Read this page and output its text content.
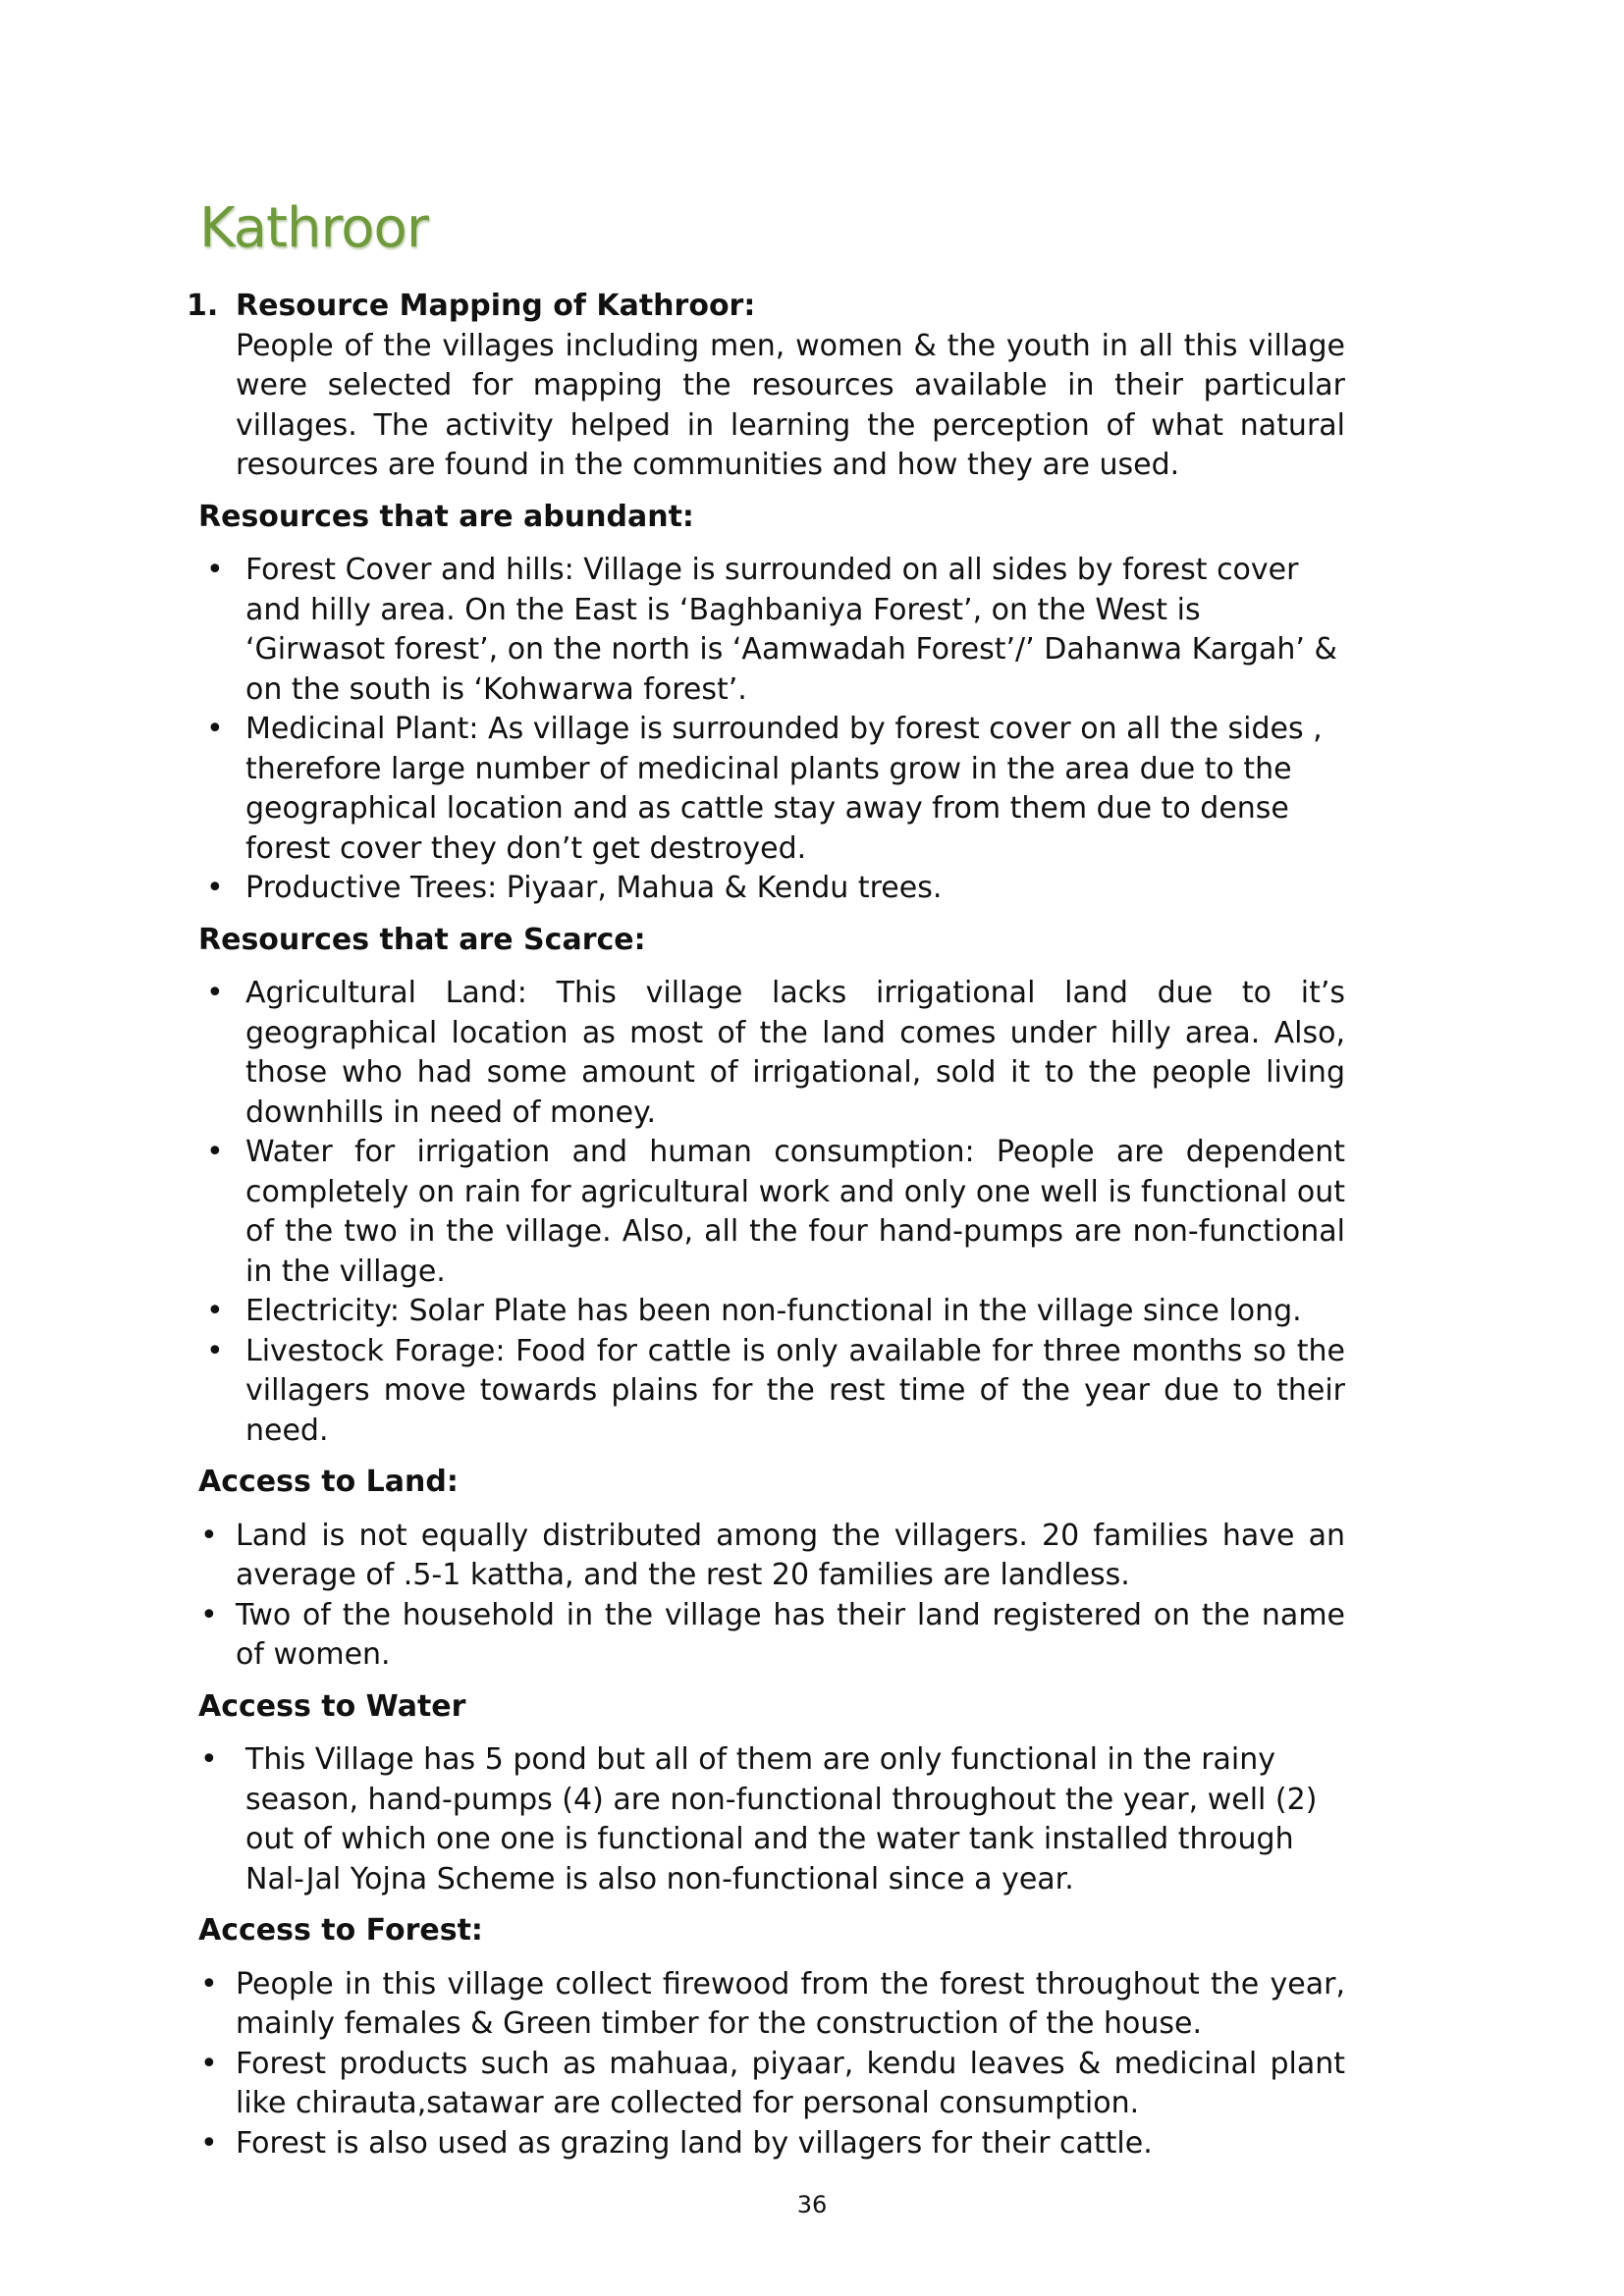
Kathroor
1. Resource Mapping of Kathroor:

People of the villages including men, women & the youth in all this village were selected for mapping the resources available in their particular villages. The activity helped in learning the perception of what natural resources are found in the communities and how they are used.

Resources that are abundant:
• Forest Cover and hills: Village is surrounded on all sides by forest cover and hilly area. On the East is ‘Baghbaniya Forest’, on the West is ‘Girwasot forest’, on the north is ‘Aamwadah Forest’/’ Dahanwa Kargah’ & on the south is ‘Kohwarwa forest’.
• Medicinal Plant: As village is surrounded by forest cover on all the sides , therefore large number of medicinal plants grow in the area due to the geographical location and as cattle stay away from them due to dense forest cover they don’t get destroyed.
• Productive Trees: Piyaar, Mahua & Kendu trees.
Resources that are Scarce:
• Agricultural Land: This village lacks irrigational land due to it’s geographical location as most of the land comes under hilly area. Also, those who had some amount of irrigational, sold it to the people living downhills in need of money.
• Water for irrigation and human consumption: People are dependent completely on rain for agricultural work and only one well is functional out of the two in the village. Also, all the four hand-pumps are non-functional in the village.
• Electricity: Solar Plate has been non-functional in the village since long.
• Livestock Forage: Food for cattle is only available for three months so the villagers move towards plains for the rest time of the year due to their need.
Access to Land:
• Land is not equally distributed among the villagers. 20 families have an average of .5-1 kattha, and the rest 20 families are landless.
• Two of the household in the village has their land registered on the name of women.
Access to Water
• This Village has 5 pond but all of them are only functional in the rainy season, hand-pumps (4) are non-functional throughout the year, well (2) out of which one one is functional and the water tank installed through Nal-Jal Yojna Scheme is also non-functional since a year.
Access to Forest:
• People in this village collect firewood from the forest throughout the year, mainly females & Green timber for the construction of the house.
• Forest products such as mahuaa, piyaar, kendu leaves & medicinal plant like chirauta,satawar are collected for personal consumption.
• Forest is also used as grazing land by villagers for their cattle.
36
